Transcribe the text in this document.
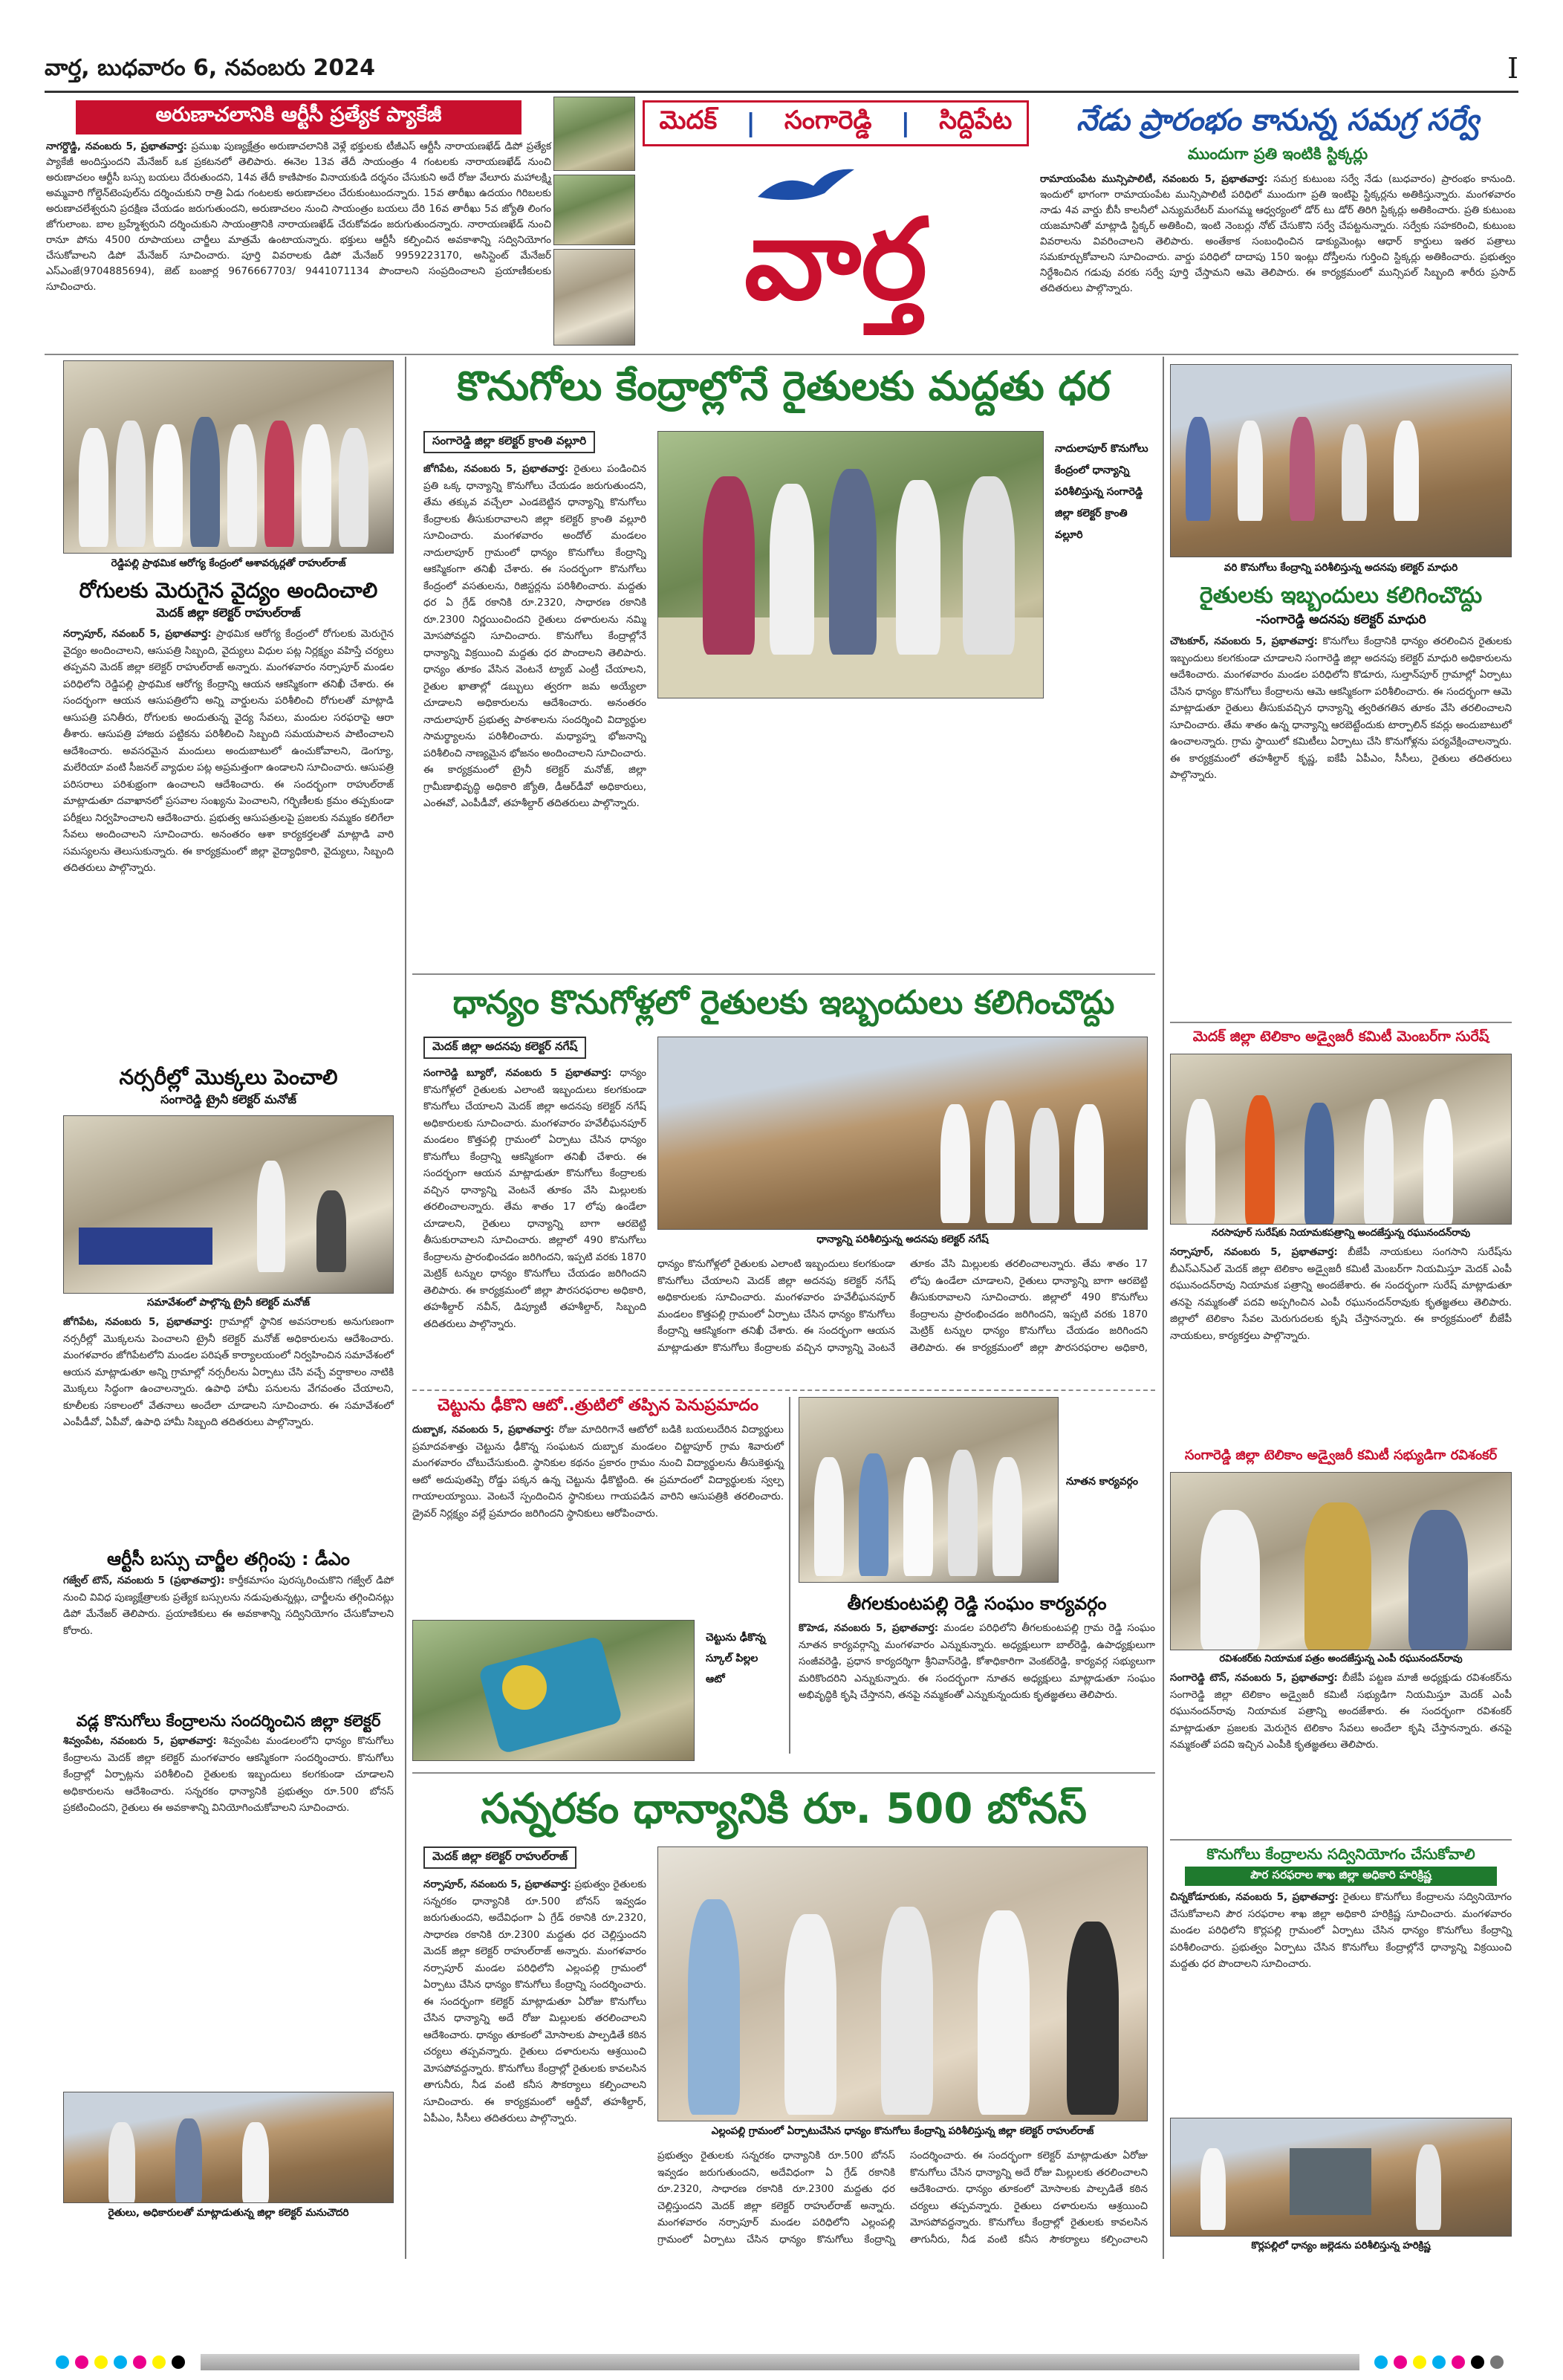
వార్త, బుధవారం 6, నవంబరు 2024	I
అరుణాచలానికి ఆర్టీసీ ప్రత్యేక ప్యాకేజీ
నాగర్దొడ్డి, నవంబరు 5, ప్రభాతవార్త: ప్రముఖ పుణ్యక్షేత్రం అరుణాచలానికి వెళ్లే భక్తులకు టీజీఎస్ ఆర్టీసీ నారాయణఖేడ్ డిపో ప్రత్యేక ప్యాకేజీ అందిస్తుందని మేనేజర్ ఒక ప్రకటనలో తెలిపారు. ఈనెల 13వ తేదీ సాయంత్రం 4 గంటలకు నారాయణఖేడ్ నుంచి అరుణాచలం ఆర్టీసీ బస్సు బయలు దేరుతుందని, 14వ తేదీ కాణిపాకం వినాయకుడి దర్శనం చేసుకుని అదే రోజు వేలూరు మహాలక్ష్మి అమ్మవారి గోల్డెన్‌టెంపుల్‌ను దర్శించుకుని రాత్రి ఏడు గంటలకు అరుణాచలం చేరుకుంటుందన్నారు. 15వ తారీఖు ఉదయం గిరిబలకు అరుణాచలేశ్వరుని ప్రదక్షిణ చేయడం జరుగుతుందని, అరుణాచలం నుంచి సాయంత్రం బయలు దేరి 16వ తారీఖు 5వ జ్యోతి లింగం జోగులాంబ. బాల బ్రహ్మేశ్వరుని దర్శించుకుని సాయంత్రానికి నారాయణఖేడ్ చేరుకోవడం జరుగుతుందన్నారు. నారాయణఖేడ్ నుంచి రానూ పోను 4500 రూపాయలు చార్జీలు మాత్రమే ఉంటాయన్నారు. భక్తులు ఆర్టీసీ కల్పించిన అవకాశాన్ని సద్వినియోగం చేసుకోవాలని డిపో మేనేజర్ సూచించారు. పూర్తి వివరాలకు డిపో మేనేజర్ 9959223170, అసిస్టెంట్ మేనేజర్ ఎస్ఎంజే(9704885694), జెట్‌ బంజార్ల 9676667703/ 9441071134 పొందాలని సంప్రదించాలని ప్రయాణీకులకు సూచించారు.
మెదక్ | సంగారెడ్డి | సిద్దిపేట
వార్త
నేడు ప్రారంభం కానున్న సమగ్ర సర్వే
ముందుగా ప్రతి ఇంటికి స్టిక్కర్లు
రామాయంపేట మున్సిపాలిటీ, నవంబరు 5, ప్రభాతవార్త: సమగ్ర కుటుంబ సర్వే నేడు (బుధవారం) ప్రారంభం కానుంది. ఇందులో భాగంగా రామాయంపేట మున్సిపాలిటీ పరిధిలో ముందుగా ప్రతి ఇంటిపై స్టిక్కర్లను అతికిస్తున్నారు. మంగళవారం నాడు 4వ వార్డు బీసీ కాలనీలో ఎన్యుమరేటర్ మంగమ్మ ఆధ్వర్యంలో డోర్ టు డోర్ తిరిగి స్టిక్కర్లు అతికించారు. ప్రతి కుటుంబ యజమానితో మాట్లాడి స్టిక్కర్ అతికించి, ఇంటి నెంబర్లు నోట్ చేసుకొని సర్వే చేపట్టనున్నారు. సర్వేకు సహకరించి, కుటుంబ వివరాలను వివరించాలని తెలిపారు. అంతేకాక సంబంధించిన డాక్యుమెంట్లు ఆధార్ కార్డులు ఇతర పత్రాలు సమకూర్చుకోవాలని సూచించారు. వార్డు పరిధిలో దాదాపు 150 ఇంట్లు దోస్తీలను గుర్తించి స్టిక్కర్లు అతికించారు. ప్రభుత్వం నిర్దేశించిన గడువు వరకు సర్వే పూర్తి చేస్తామని ఆమె తెలిపారు. ఈ కార్యక్రమంలో మున్సిపల్ సిబ్బంది శారీరు ప్రసాద్ తదితరులు పాల్గొన్నారు.
రెడ్డిపల్లి ప్రాథమిక ఆరోగ్య కేంద్రంలో ఆశావర్కర్లతో రాహుల్‌రాజ్
రోగులకు మెరుగైన వైద్యం అందించాలి
మెదక్ జిల్లా కలెక్టర్ రాహుల్‌రాజ్
నర్సాపూర్, నవంబర్ 5, ప్రభాతవార్త: ప్రాథమిక ఆరోగ్య కేంద్రంలో రోగులకు మెరుగైన వైద్యం అందించాలని, ఆసుపత్రి సిబ్బంది, వైద్యులు విధుల పట్ల నిర్లక్ష్యం వహిస్తే చర్యలు తప్పవని మెదక్ జిల్లా కలెక్టర్ రాహుల్‌రాజ్ అన్నారు. మంగళవారం నర్సాపూర్ మండల పరిధిలోని రెడ్డిపల్లి ప్రాథమిక ఆరోగ్య కేంద్రాన్ని ఆయన ఆకస్మికంగా తనిఖీ చేశారు. ఈ సందర్భంగా ఆయన ఆసుపత్రిలోని అన్ని వార్డులను పరిశీలించి రోగులతో మాట్లాడి ఆసుపత్రి పనితీరు, రోగులకు అందుతున్న వైద్య సేవలు, మందుల సరఫరాపై ఆరా తీశారు. ఆసుపత్రి హాజరు పట్టికను పరిశీలించి సిబ్బంది సమయపాలన పాటించాలని ఆదేశించారు. అవసరమైన మందులు అందుబాటులో ఉంచుకోవాలని, డెంగ్యూ, మలేరియా వంటి సీజనల్ వ్యాధుల పట్ల అప్రమత్తంగా ఉండాలని సూచించారు. ఆసుపత్రి పరిసరాలు పరిశుభ్రంగా ఉంచాలని ఆదేశించారు. ఈ సందర్భంగా రాహుల్‌రాజ్ మాట్లాడుతూ దవాఖానలో ప్రసవాల సంఖ్యను పెంచాలని, గర్భిణీలకు క్రమం తప్పకుండా పరీక్షలు నిర్వహించాలని ఆదేశించారు. ప్రభుత్వ ఆసుపత్రులపై ప్రజలకు నమ్మకం కలిగేలా సేవలు అందించాలని సూచించారు. అనంతరం ఆశా కార్యకర్తలతో మాట్లాడి వారి సమస్యలను తెలుసుకున్నారు. ఈ కార్యక్రమంలో జిల్లా వైద్యాధికారి, వైద్యులు, సిబ్బంది తదితరులు పాల్గొన్నారు.
నర్సరీల్లో మొక్కలు పెంచాలి
సంగారెడ్డి ట్రైనీ కలెక్టర్ మనోజ్
సమావేశంలో పాల్గొన్న ట్రైనీ కలెక్టర్ మనోజ్
జోగిపేట, నవంబరు 5, ప్రభాతవార్త: గ్రామాల్లో స్థానిక అవసరాలకు అనుగుణంగా నర్సరీల్లో మొక్కలను పెంచాలని ట్రైనీ కలెక్టర్ మనోజ్ అధికారులను ఆదేశించారు. మంగళవారం జోగిపేటలోని మండల పరిషత్ కార్యాలయంలో నిర్వహించిన సమావేశంలో ఆయన మాట్లాడుతూ అన్ని గ్రామాల్లో నర్సరీలను ఏర్పాటు చేసి వచ్చే వర్షాకాలం నాటికి మొక్కలు సిద్ధంగా ఉంచాలన్నారు. ఉపాధి హామీ పనులను వేగవంతం చేయాలని, కూలీలకు సకాలంలో వేతనాలు అందేలా చూడాలని సూచించారు. ఈ సమావేశంలో ఎంపీడీవో, ఏపీవో, ఉపాధి హామీ సిబ్బంది తదితరులు పాల్గొన్నారు.
ఆర్టీసీ బస్సు చార్జీల తగ్గింపు : డీఎం
గజ్వేల్ టౌన్, నవంబరు 5 (ప్రభాతవార్త): కార్తీకమాసం పురస్కరించుకొని గజ్వేల్ డిపో నుంచి వివిధ పుణ్యక్షేత్రాలకు ప్రత్యేక బస్సులను నడుపుతున్నట్లు, చార్జీలను తగ్గించినట్లు డిపో మేనేజర్ తెలిపారు. ప్రయాణికులు ఈ అవకాశాన్ని సద్వినియోగం చేసుకోవాలని కోరారు.
వడ్ల కొనుగోలు కేంద్రాలను సందర్శించిన జిల్లా కలెక్టర్
శివ్వంపేట, నవంబరు 5, ప్రభాతవార్త: శివ్వంపేట మండలంలోని ధాన్యం కొనుగోలు కేంద్రాలను మెదక్ జిల్లా కలెక్టర్ మంగళవారం ఆకస్మికంగా సందర్శించారు. కొనుగోలు కేంద్రాల్లో ఏర్పాట్లను పరిశీలించి రైతులకు ఇబ్బందులు కలగకుండా చూడాలని అధికారులను ఆదేశించారు. సన్నరకం ధాన్యానికి ప్రభుత్వం రూ.500 బోనస్ ప్రకటించిందని, రైతులు ఈ అవకాశాన్ని వినియోగించుకోవాలని సూచించారు.
రైతులు, అధికారులతో మాట్లాడుతున్న జిల్లా కలెక్టర్ మనుచౌదరి
కొనుగోలు కేంద్రాల్లోనే రైతులకు మద్దతు ధర
సంగారెడ్డి జిల్లా కలెక్టర్ క్రాంతి వల్లూరి
జోగిపేట, నవంబరు 5, ప్రభాతవార్త: రైతులు పండించిన ప్రతి ఒక్క ధాన్యాన్ని కొనుగోలు చేయడం జరుగుతుందని, తేమ తక్కువ వచ్చేలా ఎండబెట్టిన ధాన్యాన్ని కొనుగోలు కేంద్రాలకు తీసుకురావాలని జిల్లా కలెక్టర్ క్రాంతి వల్లూరి సూచించారు. మంగళవారం అందోల్ మండలం నాదులాపూర్ గ్రామంలో ధాన్యం కొనుగోలు కేంద్రాన్ని ఆకస్మికంగా తనిఖీ చేశారు. ఈ సందర్భంగా కొనుగోలు కేంద్రంలో వసతులను, రిజిస్టర్లను పరిశీలించారు. మద్దతు ధర ఏ గ్రేడ్ రకానికి రూ.2320, సాధారణ రకానికి రూ.2300 నిర్ణయించిందని రైతులు దళారులను నమ్మి మోసపోవద్దని సూచించారు. కొనుగోలు కేంద్రాల్లోనే ధాన్యాన్ని విక్రయించి మద్దతు ధర పొందాలని తెలిపారు. ధాన్యం తూకం వేసిన వెంటనే ట్యాబ్ ఎంట్రీ చేయాలని, రైతుల ఖాతాల్లో డబ్బులు త్వరగా జమ అయ్యేలా చూడాలని అధికారులను ఆదేశించారు. అనంతరం నాదులాపూర్ ప్రభుత్వ పాఠశాలను సందర్శించి విద్యార్థుల సామర్థ్యాలను పరిశీలించారు. మధ్యాహ్న భోజనాన్ని పరిశీలించి నాణ్యమైన భోజనం అందించాలని సూచించారు. ఈ కార్యక్రమంలో ట్రైనీ కలెక్టర్ మనోజ్, జిల్లా గ్రామీణాభివృద్ధి అధికారి జ్యోతి, డీఆర్‌డీవో అధికారులు, ఎంఈవో, ఎంపీడీవో, తహశీల్దార్ తదితరులు పాల్గొన్నారు.
నాదులాపూర్ కొనుగోలు కేంద్రంలో ధాన్యాన్ని పరిశీలిస్తున్న సంగారెడ్డి జిల్లా కలెక్టర్ క్రాంతి వల్లూరి
ధాన్యం కొనుగోళ్లలో రైతులకు ఇబ్బందులు కలిగించొద్దు
మెదక్ జిల్లా అదనపు కలెక్టర్ నగేష్
సంగారెడ్డి బ్యూరో, నవంబరు 5 ప్రభాతవార్త: ధాన్యం కొనుగోళ్లలో రైతులకు ఎలాంటి ఇబ్బందులు కలగకుండా కొనుగోలు చేయాలని మెదక్ జిల్లా అదనపు కలెక్టర్ నగేష్ అధికారులకు సూచించారు. మంగళవారం హవేలీఘనపూర్ మండలం కొత్తపల్లి గ్రామంలో ఏర్పాటు చేసిన ధాన్యం కొనుగోలు కేంద్రాన్ని ఆకస్మికంగా తనిఖీ చేశారు. ఈ సందర్భంగా ఆయన మాట్లాడుతూ కొనుగోలు కేంద్రాలకు వచ్చిన ధాన్యాన్ని వెంటనే తూకం వేసి మిల్లులకు తరలించాలన్నారు. తేమ శాతం 17 లోపు ఉండేలా చూడాలని, రైతులు ధాన్యాన్ని బాగా ఆరబెట్టి తీసుకురావాలని సూచించారు. జిల్లాలో 490 కొనుగోలు కేంద్రాలను ప్రారంభించడం జరిగిందని, ఇప్పటి వరకు 1870 మెట్రిక్ టన్నుల ధాన్యం కొనుగోలు చేయడం జరిగిందని తెలిపారు. ఈ కార్యక్రమంలో జిల్లా పౌరసరఫరాల అధికారి, తహశీల్దార్ నవీన్, డిప్యూటీ తహశీల్దార్, సిబ్బంది తదితరులు పాల్గొన్నారు.
ధాన్యాన్ని పరిశీలిస్తున్న అదనపు కలెక్టర్ నగేష్
ధాన్యం కొనుగోళ్లలో రైతులకు ఎలాంటి ఇబ్బందులు కలగకుండా కొనుగోలు చేయాలని మెదక్ జిల్లా అదనపు కలెక్టర్ నగేష్ అధికారులకు సూచించారు. మంగళవారం హవేలీఘనపూర్ మండలం కొత్తపల్లి గ్రామంలో ఏర్పాటు చేసిన ధాన్యం కొనుగోలు కేంద్రాన్ని ఆకస్మికంగా తనిఖీ చేశారు. ఈ సందర్భంగా ఆయన మాట్లాడుతూ కొనుగోలు కేంద్రాలకు వచ్చిన ధాన్యాన్ని వెంటనే తూకం వేసి మిల్లులకు తరలించాలన్నారు. తేమ శాతం 17 లోపు ఉండేలా చూడాలని, రైతులు ధాన్యాన్ని బాగా ఆరబెట్టి తీసుకురావాలని సూచించారు. జిల్లాలో 490 కొనుగోలు కేంద్రాలను ప్రారంభించడం జరిగిందని, ఇప్పటి వరకు 1870 మెట్రిక్ టన్నుల ధాన్యం కొనుగోలు చేయడం జరిగిందని తెలిపారు. ఈ కార్యక్రమంలో జిల్లా పౌరసరఫరాల అధికారి,
చెట్టును ఢీకొని ఆటో..త్రుటిలో తప్పిన పెనుప్రమాదం
దుబ్బాక, నవంబరు 5, ప్రభాతవార్త: రోజు మాదిరిగానే ఆటోలో బడికి బయలుదేరిన విద్యార్థులు ప్రమాదవశాత్తు చెట్టును ఢీకొన్న సంఘటన దుబ్బాక మండలం చిట్టాపూర్ గ్రామ శివారులో మంగళవారం చోటుచేసుకుంది. స్థానికుల కథనం ప్రకారం గ్రామం నుంచి విద్యార్థులను తీసుకెళ్తున్న ఆటో అదుపుతప్పి రోడ్డు పక్కన ఉన్న చెట్టును ఢీకొట్టింది. ఈ ప్రమాదంలో విద్యార్థులకు స్వల్ప గాయాలయ్యాయి. వెంటనే స్పందించిన స్థానికులు గాయపడిన వారిని ఆసుపత్రికి తరలించారు. డ్రైవర్ నిర్లక్ష్యం వల్లే ప్రమాదం జరిగిందని స్థానికులు ఆరోపించారు.
చెట్టును ఢీకొన్న స్కూల్ పిల్లల ఆటో
నూతన కార్యవర్గం
తీగలకుంటపల్లి రెడ్డి సంఘం కార్యవర్గం
కొహెడ, నవంబరు 5, ప్రభాతవార్త: మండల పరిధిలోని తీగలకుంటపల్లి గ్రామ రెడ్డి సంఘం నూతన కార్యవర్గాన్ని మంగళవారం ఎన్నుకున్నారు. అధ్యక్షులుగా బాల్‌రెడ్డి, ఉపాధ్యక్షులుగా సంజీవరెడ్డి, ప్రధాన కార్యదర్శిగా శ్రీనివాస్‌రెడ్డి, కోశాధికారిగా వెంకట్‌రెడ్డి, కార్యవర్గ సభ్యులుగా మరికొందరిని ఎన్నుకున్నారు. ఈ సందర్భంగా నూతన అధ్యక్షులు మాట్లాడుతూ సంఘం అభివృద్ధికి కృషి చేస్తానని, తనపై నమ్మకంతో ఎన్నుకున్నందుకు కృతజ్ఞతలు తెలిపారు.
సన్నరకం ధాన్యానికి రూ. 500 బోనస్
మెదక్ జిల్లా కలెక్టర్ రాహుల్‌రాజ్
నర్సాపూర్, నవంబరు 5, ప్రభాతవార్త: ప్రభుత్వం రైతులకు సన్నరకం ధాన్యానికి రూ.500 బోనస్ ఇవ్వడం జరుగుతుందని, అదేవిధంగా ఏ గ్రేడ్ రకానికి రూ.2320, సాధారణ రకానికి రూ.2300 మద్దతు ధర చెల్లిస్తుందని మెదక్ జిల్లా కలెక్టర్ రాహుల్‌రాజ్ అన్నారు. మంగళవారం నర్సాపూర్ మండల పరిధిలోని ఎల్లంపల్లి గ్రామంలో ఏర్పాటు చేసిన ధాన్యం కొనుగోలు కేంద్రాన్ని సందర్శించారు. ఈ సందర్భంగా కలెక్టర్ మాట్లాడుతూ ఏరోజు కొనుగోలు చేసిన ధాన్యాన్ని అదే రోజు మిల్లులకు తరలించాలని ఆదేశించారు. ధాన్యం తూకంలో మోసాలకు పాల్పడితే కఠిన చర్యలు తప్పవన్నారు. రైతులు దళారులను ఆశ్రయించి మోసపోవద్దన్నారు. కొనుగోలు కేంద్రాల్లో రైతులకు కావలసిన తాగునీరు, నీడ వంటి కనీస సౌకర్యాలు కల్పించాలని సూచించారు. ఈ కార్యక్రమంలో ఆర్డీవో, తహశీల్దార్, ఏపీఎం, సీసీలు తదితరులు పాల్గొన్నారు.
ఎల్లంపల్లి గ్రామంలో ఏర్పాటుచేసిన ధాన్యం కొనుగోలు కేంద్రాన్ని పరిశీలిస్తున్న జిల్లా కలెక్టర్ రాహుల్‌రాజ్
ప్రభుత్వం రైతులకు సన్నరకం ధాన్యానికి రూ.500 బోనస్ ఇవ్వడం జరుగుతుందని, అదేవిధంగా ఏ గ్రేడ్ రకానికి రూ.2320, సాధారణ రకానికి రూ.2300 మద్దతు ధర చెల్లిస్తుందని మెదక్ జిల్లా కలెక్టర్ రాహుల్‌రాజ్ అన్నారు. మంగళవారం నర్సాపూర్ మండల పరిధిలోని ఎల్లంపల్లి గ్రామంలో ఏర్పాటు చేసిన ధాన్యం కొనుగోలు కేంద్రాన్ని సందర్శించారు. ఈ సందర్భంగా కలెక్టర్ మాట్లాడుతూ ఏరోజు కొనుగోలు చేసిన ధాన్యాన్ని అదే రోజు మిల్లులకు తరలించాలని ఆదేశించారు. ధాన్యం తూకంలో మోసాలకు పాల్పడితే కఠిన చర్యలు తప్పవన్నారు. రైతులు దళారులను ఆశ్రయించి మోసపోవద్దన్నారు. కొనుగోలు కేంద్రాల్లో రైతులకు కావలసిన తాగునీరు, నీడ వంటి కనీస సౌకర్యాలు కల్పించాలని
వరి కొనుగోలు కేంద్రాన్ని పరిశీలిస్తున్న అదనపు కలెక్టర్ మాధురి
రైతులకు ఇబ్బందులు కలిగించొద్దు
-సంగారెడ్డి అదనపు కలెక్టర్ మాధురి
చౌటకూర్, నవంబరు 5, ప్రభాతవార్త: కొనుగోలు కేంద్రానికి ధాన్యం తరలించిన రైతులకు ఇబ్బందులు కలగకుండా చూడాలని సంగారెడ్డి జిల్లా అదనపు కలెక్టర్ మాధురి అధికారులను ఆదేశించారు. మంగళవారం మండల పరిధిలోని కొడూరు, సుల్తాన్‌పూర్ గ్రామాల్లో ఏర్పాటు చేసిన ధాన్యం కొనుగోలు కేంద్రాలను ఆమె ఆకస్మికంగా పరిశీలించారు. ఈ సందర్భంగా ఆమె మాట్లాడుతూ రైతులు తీసుకువచ్చిన ధాన్యాన్ని త్వరితగతిన తూకం వేసి తరలించాలని సూచించారు. తేమ శాతం ఉన్న ధాన్యాన్ని ఆరబెట్టేందుకు టార్పాలిన్ కవర్లు అందుబాటులో ఉంచాలన్నారు. గ్రామ స్థాయిలో కమిటీలు ఏర్పాటు చేసి కొనుగోళ్లను పర్యవేక్షించాలన్నారు. ఈ కార్యక్రమంలో తహశీల్దార్ కృష్ణ, ఐకేపీ ఏపీఎం, సీసీలు, రైతులు తదితరులు పాల్గొన్నారు.
మెదక్ జిల్లా టెలికాం అడ్వైజరీ కమిటీ మెంబర్‌గా సురేష్
నరసాపూర్ సురేష్‌కు నియామకపత్రాన్ని అందజేస్తున్న రఘునందన్‌రావు
నర్సాపూర్, నవంబరు 5, ప్రభాతవార్త: బీజేపీ నాయకులు సంగసాని సురేష్‌ను బీఎస్ఎన్ఎల్ మెదక్ జిల్లా టెలికాం అడ్వైజరీ కమిటీ మెంబర్‌గా నియమిస్తూ మెదక్ ఎంపీ రఘునందన్‌రావు నియామక పత్రాన్ని అందజేశారు. ఈ సందర్భంగా సురేష్ మాట్లాడుతూ తనపై నమ్మకంతో పదవి అప్పగించిన ఎంపీ రఘునందన్‌రావుకు కృతజ్ఞతలు తెలిపారు. జిల్లాలో టెలికాం సేవల మెరుగుదలకు కృషి చేస్తానన్నారు. ఈ కార్యక్రమంలో బీజేపీ నాయకులు, కార్యకర్తలు పాల్గొన్నారు.
సంగారెడ్డి జిల్లా టెలికాం అడ్వైజరీ కమిటీ సభ్యుడిగా రవిశంకర్
రవిశంకర్‌కు నియామక పత్రం అందజేస్తున్న ఎంపీ రఘునందన్‌రావు
సంగారెడ్డి టౌన్, నవంబరు 5, ప్రభాతవార్త: బీజేపీ పట్టణ మాజీ అధ్యక్షుడు రవిశంకర్‌ను సంగారెడ్డి జిల్లా టెలికాం అడ్వైజరీ కమిటీ సభ్యుడిగా నియమిస్తూ మెదక్ ఎంపీ రఘునందన్‌రావు నియామక పత్రాన్ని అందజేశారు. ఈ సందర్భంగా రవిశంకర్ మాట్లాడుతూ ప్రజలకు మెరుగైన టెలికాం సేవలు అందేలా కృషి చేస్తానన్నారు. తనపై నమ్మకంతో పదవి ఇచ్చిన ఎంపీకి కృతజ్ఞతలు తెలిపారు.
కొనుగోలు కేంద్రాలను సద్వినియోగం చేసుకోవాలి
పౌర సరఫరాల శాఖ జిల్లా అధికారి హరిక్రిష్ణ
చిన్నకోడూరుకు, నవంబరు 5, ప్రభాతవార్త: రైతులు కొనుగోలు కేంద్రాలను సద్వినియోగం చేసుకోవాలని పౌర సరఫరాల శాఖ జిల్లా అధికారి హరిక్రిష్ణ సూచించారు. మంగళవారం మండల పరిధిలోని కొర్లపల్లి గ్రామంలో ఏర్పాటు చేసిన ధాన్యం కొనుగోలు కేంద్రాన్ని పరిశీలించారు. ప్రభుత్వం ఏర్పాటు చేసిన కొనుగోలు కేంద్రాల్లోనే ధాన్యాన్ని విక్రయించి మద్దతు ధర పొందాలని సూచించారు.
కొర్లపల్లిలో ధాన్యం జల్లెడను పరిశీలిస్తున్న హరిక్రిష్ణ
